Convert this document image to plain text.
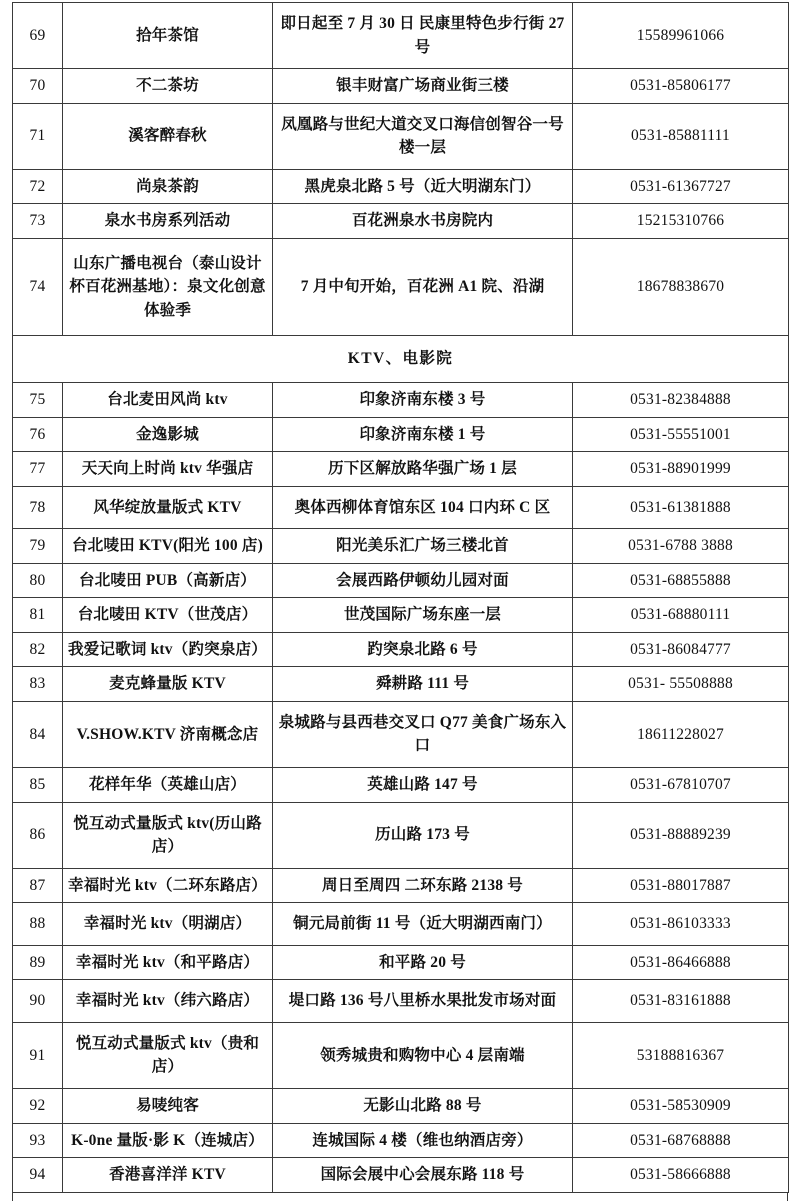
69	拾年茶馆	即日起至 7 月 30 日 民康里特色步行街 27 号	15589961066
70	不二茶坊	银丰财富广场商业街三楼	0531-85806177
71	溪客醉春秋	凤凰路与世纪大道交叉口海信创智谷一号楼一层	0531-85881111
72	尚泉茶韵	黑虎泉北路 5 号（近大明湖东门）	0531-61367727
73	泉水书房系列活动	百花洲泉水书房院内	15215310766
74	山东广播电视台（泰山设计杯百花洲基地）：泉文化创意体验季	7 月中旬开始，百花洲 A1 院、沿湖	18678838670
KTV、电影院			
75	台北麦田风尚 ktv	印象济南东楼 3 号	0531-82384888
76	金逸影城	印象济南东楼 1 号	0531-55551001
77	天天向上时尚 ktv 华强店	历下区解放路华强广场 1 层	0531-88901999
78	风华绽放量版式 KTV	奥体西柳体育馆东区 104 口内环 C 区	0531-61381888
79	台北唛田 KTV(阳光 100 店)	阳光美乐汇广场三楼北首	0531-6788 3888
80	台北唛田 PUB（高新店）	会展西路伊顿幼儿园对面	0531-68855888
81	台北唛田 KTV（世茂店）	世茂国际广场东座一层	0531-68880111
82	我爱记歌词 ktv（趵突泉店）	趵突泉北路 6 号	0531-86084777
83	麦克蜂量版 KTV	舜耕路 111 号	0531- 55508888
84	V.SHOW.KTV 济南概念店	泉城路与县西巷交叉口 Q77 美食广场东入口	18611228027
85	花样年华（英雄山店）	英雄山路 147 号	0531-67810707
86	悦互动式量版式 ktv(历山路店）	历山路 173 号	0531-88889239
87	幸福时光 ktv（二环东路店）	周日至周四 二环东路 2138 号	0531-88017887
88	幸福时光 ktv（明湖店）	铜元局前街 11 号（近大明湖西南门）	0531-86103333
89	幸福时光 ktv（和平路店）	和平路 20 号	0531-86466888
90	幸福时光 ktv（纬六路店）	堤口路 136 号八里桥水果批发市场对面	0531-83161888
91	悦互动式量版式 ktv（贵和店）	领秀城贵和购物中心 4 层南端	53188816367
92	易唛纯客	无影山北路 88 号	0531-58530909
93	K-0ne 量版·影 K（连城店）	连城国际 4 楼（维也纳酒店旁）	0531-68768888
94	香港喜洋洋 KTV	国际会展中心会展东路 118 号	0531-58666888
